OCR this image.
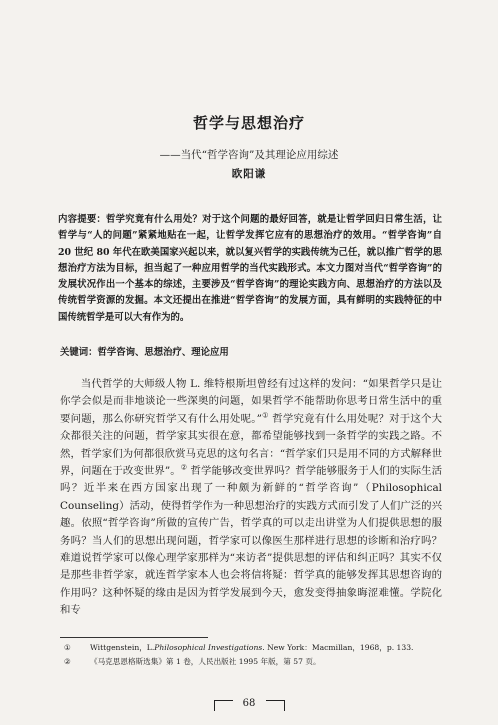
哲学与思想治疗
——当代“哲学咨询”及其理论应用综述
欧阳谦
内容提要：哲学究竟有什么用处？对于这个问题的最好回答，就是让哲学回归日常生活，让哲学与“人的问题”紧紧地贴在一起，让哲学发挥它应有的思想治疗的效用。“哲学咨询”自 20 世纪 80 年代在欧美国家兴起以来，就以复兴哲学的实践传统为己任，就以推广哲学的思想治疗方法为目标，担当起了一种应用哲学的当代实践形式。本文力图对当代“哲学咨询”的发展状况作出一个基本的综述，主要涉及“哲学咨询”的理论实践方向、思想治疗的方法以及传统哲学资源的发掘。本文还提出在推进“哲学咨询”的发展方面，具有鲜明的实践特征的中国传统哲学是可以大有作为的。
关键词：哲学咨询、思想治疗、理论应用
当代哲学的大师级人物 L. 维特根斯坦曾经有过这样的发问：“如果哲学只是让你学会似是而非地谈论一些深奥的问题，如果哲学不能帮助你思考日常生活中的重要问题，那么你研究哲学又有什么用处呢。”① 哲学究竟有什么用处呢？对于这个大众都很关注的问题，哲学家其实很在意，都希望能够找到一条哲学的实践之路。不然，哲学家们为何都很欣赏马克思的这句名言：“哲学家们只是用不同的方式解释世界，问题在于改变世界”。② 哲学能够改变世界吗？哲学能够服务于人们的实际生活吗？近半来在西方国家出现了一种颇为新鲜的“哲学咨询”（Philosophical Counseling）活动，使得哲学作为一种思想治疗的实践方式而引发了人们广泛的兴趣。依照“哲学咨询”所做的宣传广告，哲学真的可以走出讲堂为人们提供思想的服务吗？当人们的思想出现问题，哲学家可以像医生那样进行思想的诊断和治疗吗？难道说哲学家可以像心理学家那样为“来访者”提供思想的评估和纠正吗？其实不仅是那些非哲学家，就连哲学家本人也会将信将疑：哲学真的能够发挥其思想咨询的作用吗？这种怀疑的缘由是因为哲学发展到今天，愈发变得抽象晦涩难懂。学院化和专
①	Wittgenstein，L.Philosophical Investigations. New York：Macmillan，1968，p. 133.
②	《马克思恩格斯选集》第 1 卷，人民出版社 1995 年版，第 57 页。
68
